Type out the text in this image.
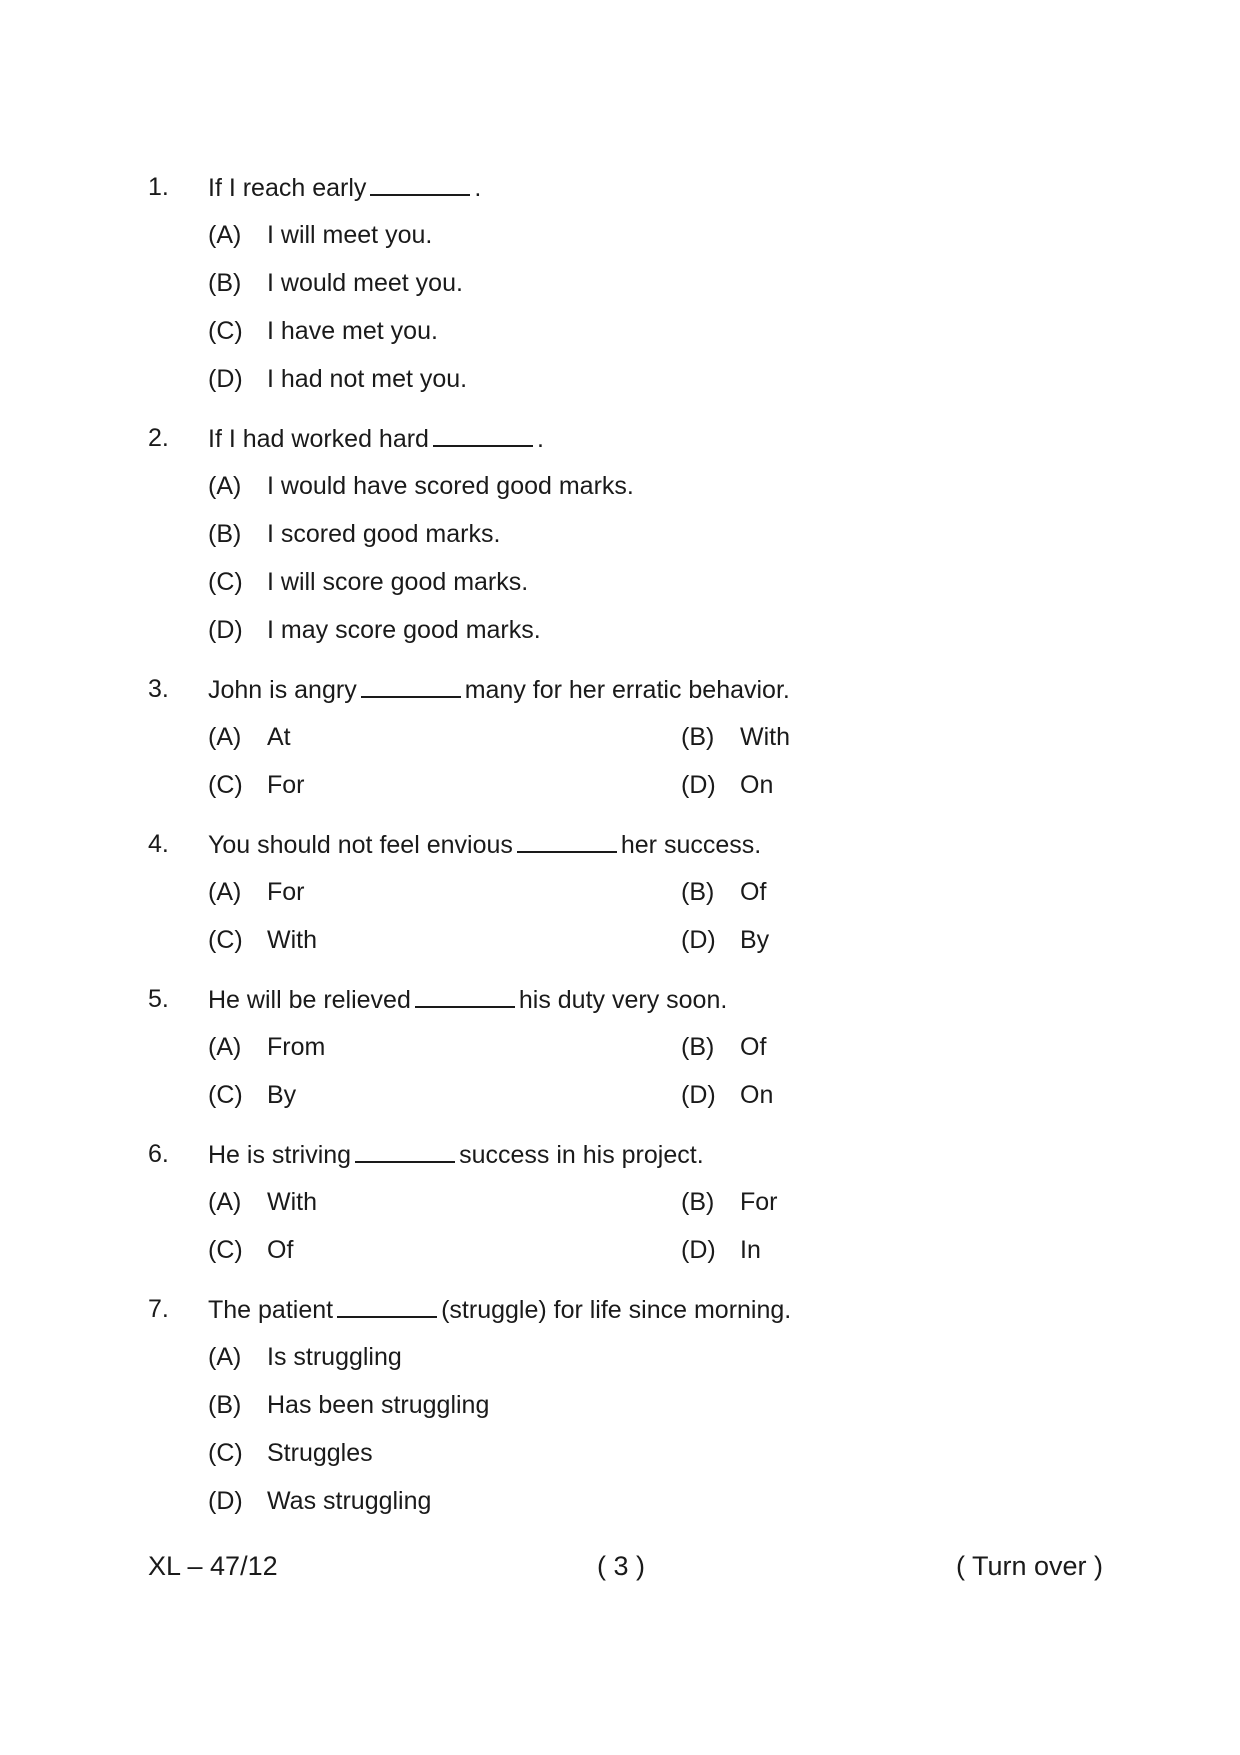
1. If I reach early	.
(A) I will meet you.
(B) I would meet you.
(C) I have met you.
(D) I had not met you.
2. If I had worked hard	.
(A) I would have scored good marks.
(B) I scored good marks.
(C) I will score good marks.
(D) I may score good marks.
3. John is angry	many for her erratic behavior.
(A) At	(B) With
(C) For	(D) On
4. You should not feel envious	her success.
(A) For	(B) Of
(C) With	(D) By
5. He will be relieved	his duty very soon.
(A) From	(B) Of
(C) By	(D) On
6. He is striving	success in his project.
(A) With	(B) For
(C) Of	(D) In
7. The patient	(struggle) for life since morning.
(A) Is struggling
(B) Has been struggling
(C) Struggles
(D) Was struggling
XL – 47/12	( 3 )	( Turn over )
